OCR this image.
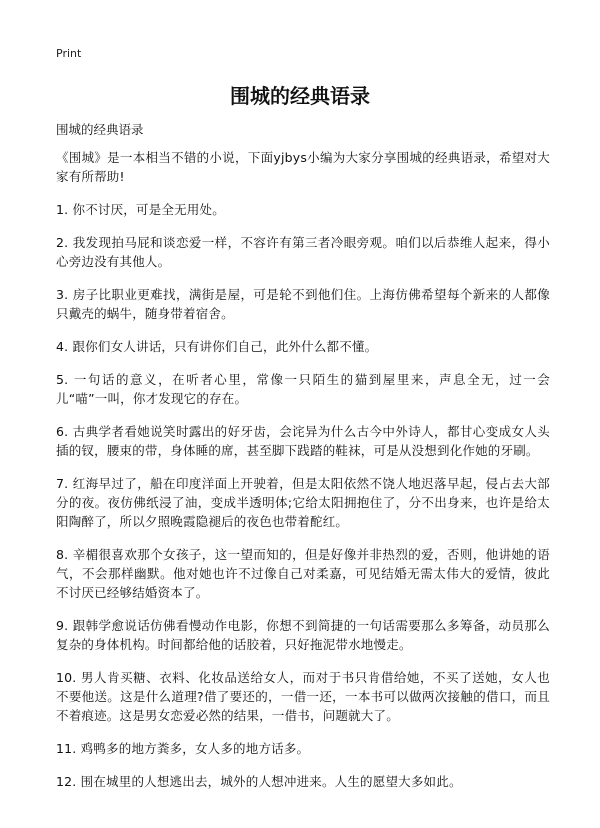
Print
围城的经典语录

围城的经典语录

《围城》是一本相当不错的小说，下面yjbys小编为大家分享围城的经典语录，希望对大家有所帮助!

1. 你不讨厌，可是全无用处。

2. 我发现拍马屁和谈恋爱一样，不容许有第三者冷眼旁观。咱们以后恭维人起来，得小心旁边没有其他人。

3. 房子比职业更难找，满街是屋，可是轮不到他们住。上海仿佛希望每个新来的人都像只戴壳的蜗牛，随身带着宿舍。

4. 跟你们女人讲话，只有讲你们自己，此外什么都不懂。

5. 一句话的意义，在听者心里，常像一只陌生的猫到屋里来，声息全无，过一会儿“喵”一叫，你才发现它的存在。

6. 古典学者看她说笑时露出的好牙齿，会诧异为什么古今中外诗人，都甘心变成女人头插的钗，腰束的带，身体睡的席，甚至脚下践踏的鞋袜，可是从没想到化作她的牙刷。

7. 红海早过了，船在印度洋面上开驶着，但是太阳依然不饶人地迟落早起，侵占去大部分的夜。夜仿佛纸浸了油，变成半透明体;它给太阳拥抱住了，分不出身来，也许是给太阳陶醉了，所以夕照晚霞隐褪后的夜色也带着酡红。

8. 辛楣很喜欢那个女孩子，这一望而知的，但是好像并非热烈的爱，否则，他讲她的语气，不会那样幽默。他对她也许不过像自己对柔嘉，可见结婚无需太伟大的爱情，彼此不讨厌已经够结婚资本了。

9. 跟韩学愈说话仿佛看慢动作电影，你想不到简捷的一句话需要那么多筹备，动员那么复杂的身体机构。时间都给他的话胶着，只好拖泥带水地慢走。

10. 男人肯买糖、衣料、化妆品送给女人，而对于书只肯借给她，不买了送她，女人也不要他送。这是什么道理?借了要还的，一借一还，一本书可以做两次接触的借口，而且不着痕迹。这是男女恋爱必然的结果，一借书，问题就大了。

11. 鸡鸭多的地方粪多，女人多的地方话多。

12. 围在城里的人想逃出去，城外的人想冲进来。人生的愿望大多如此。
